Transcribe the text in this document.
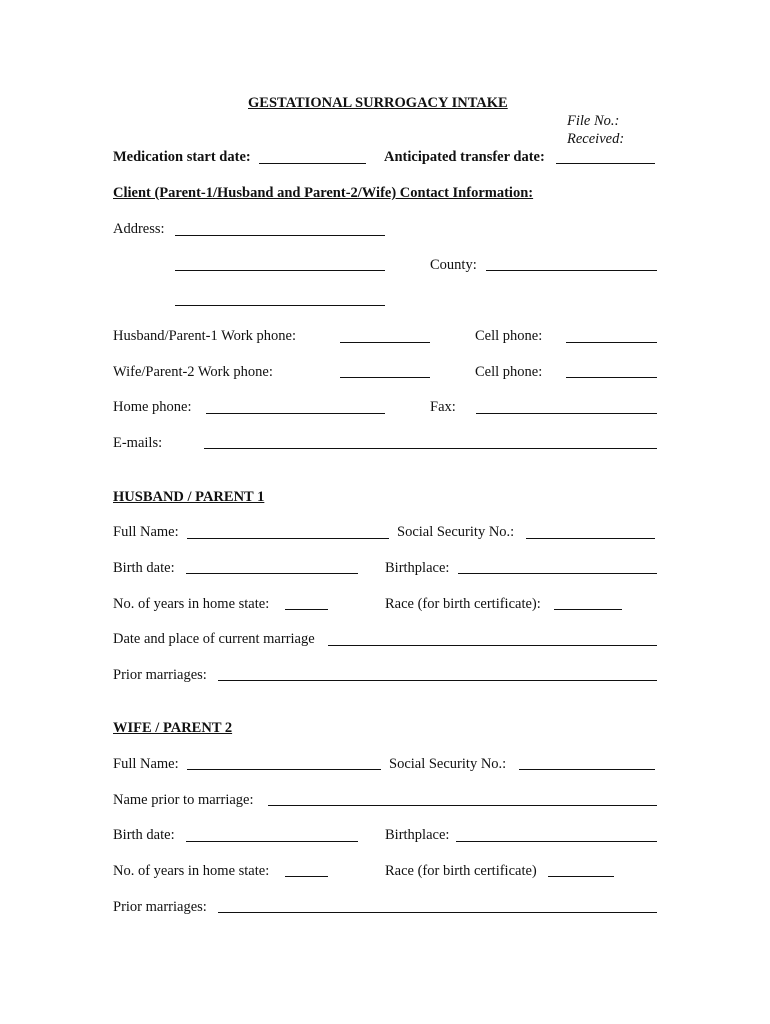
GESTATIONAL SURROGACY INTAKE
File No.:
Received:
Medication start date:	Anticipated transfer date:
Client (Parent-1/Husband and Parent-2/Wife) Contact Information:
Address:
County:
Husband/Parent-1 Work phone:	Cell phone:
Wife/Parent-2 Work phone:	Cell phone:
Home phone:	Fax:
E-mails:
HUSBAND / PARENT 1
Full Name:	Social Security No.:
Birth date:	Birthplace:
No. of years in home state:	Race (for birth certificate):
Date and place of current marriage
Prior marriages:
WIFE / PARENT 2
Full Name:	Social Security No.:
Name prior to marriage:
Birth date:	Birthplace:
No. of years in home state:	Race (for birth certificate)
Prior marriages:
